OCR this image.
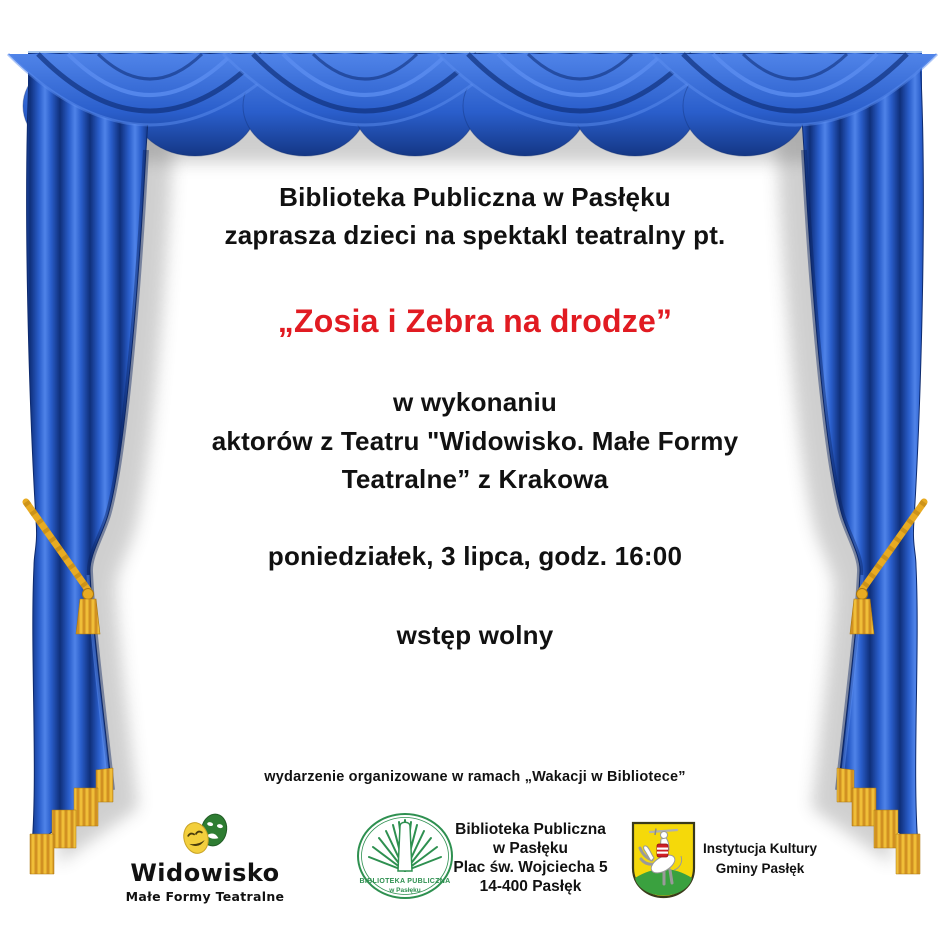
Biblioteka Publiczna w Pasłęku
zaprasza dzieci na spektakl teatralny pt.
„Zosia i Zebra na drodze”
w wykonaniu
aktorów z Teatru "Widowisko. Małe Formy
Teatralne” z Krakowa
poniedziałek, 3 lipca, godz. 16:00
wstęp wolny
wydarzenie organizowane w ramach „Wakacji w Bibliotece”
Widowisko
Małe Formy Teatralne
BIBLIOTEKA PUBLICZNA
w Pasłęku
Biblioteka Publiczna
w Pasłęku
Plac św. Wojciecha 5
14-400 Pasłęk
Instytucja Kultury
Gminy Pasłęk
